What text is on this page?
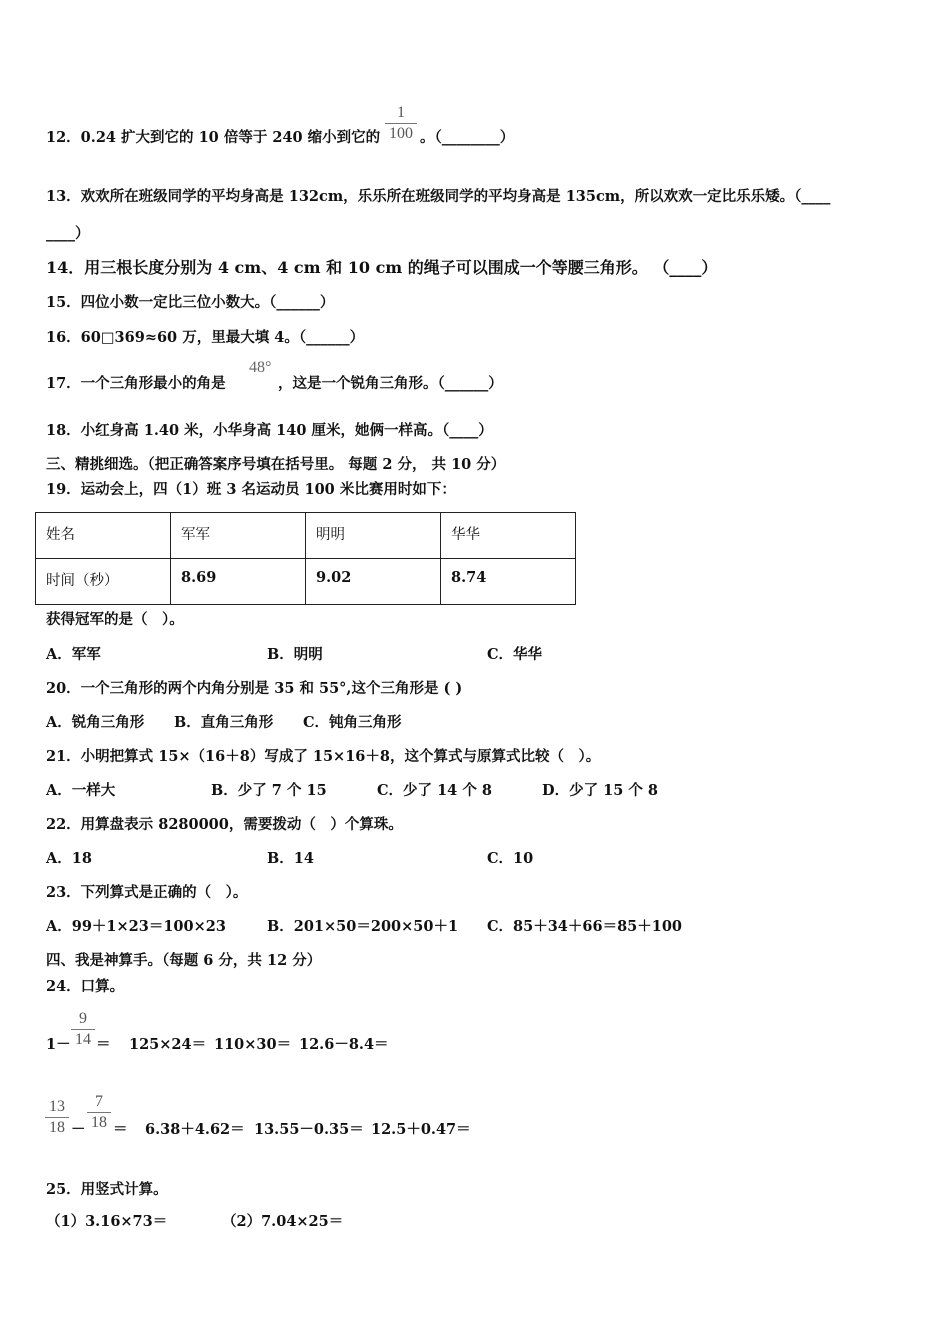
12．0.24 扩大到它的 10 倍等于 240 缩小到它的
1
100 。（________）
13．欢欢所在班级同学的平均身高是 132cm，乐乐所在班级同学的平均身高是 135cm，所以欢欢一定比乐乐矮。（____
____）
14．用三根长度分别为 4 cm、4 cm 和 10 cm 的绳子可以围成一个等腰三角形。 （____）
15．四位小数一定比三位小数大。（______）
16．60□369≈60 万，里最大填 4。（______）
17．一个三角形最小的角是
48°
，这是一个锐角三角形。（______）
18．小红身高 1.40 米，小华身高 140 厘米，她俩一样高。（____）
三、精挑细选。（把正确答案序号填在括号里。 每题 2 分， 共 10 分）
19．运动会上，四（1）班 3 名运动员 100 米比赛用时如下：
姓名	军军	明明	华华
时间（秒）	8.69	9.02	8.74
获得冠军的是（　）。
A．军军	B．明明	C．华华
20．一个三角形的两个内角分别是 35 和 55°,这个三角形是 ( )
A．锐角三角形 B．直角三角形 C．钝角三角形
21．小明把算式 15×（16＋8）写成了 15×16＋8，这个算式与原算式比较（　）。
A．一样大	B．少了 7 个 15	C．少了 14 个 8	D．少了 15 个 8
22．用算盘表示 8280000，需要拨动（　）个算珠。
A．18	B．14	C．10
23．下列算式是正确的（　）。
A．99＋1×23＝100×23	B．201×50＝200×50＋1 C．85＋34＋66＝85＋100
四、我是神算手。（每题 6 分，共 12 分）
24．口算。
1－
9
14 ＝ 125×24＝ 110×30＝ 12.6－8.4＝
13
18 －
7
18 ＝ 6.38＋4.62＝ 13.55－0.35＝ 12.5＋0.47＝
25．用竖式计算。
（1）3.16×73＝	（2）7.04×25＝
